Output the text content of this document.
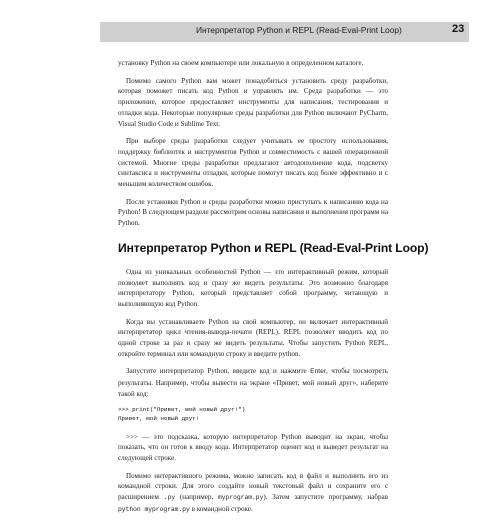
Интерпретатор Python и REPL (Read-Eval-Print Loop)	23

установку Python на своем компьютере или локальную в определенном каталоге.

Помимо самого Python вам может понадобиться установить среду разработки, которая поможет писать код Python и управлять им. Среда разработки — это приложение, которое предоставляет инструменты для написания, тестирования и отладки кода. Некоторые популярные среды разработки для Python включают PyCharm, Visual Studio Code и Sublime Text.

При выборе среды разработки следует учитывать ее простоту использования, поддержку библиотек и инструментов Python и совместимость с вашей операционной системой. Многие среды разработки предлагают автодополнение кода, подсветку синтаксиса и инструменты отладки, которые помогут писать код более эффективно и с меньшим количеством ошибок.

После установки Python и среды разработки можно приступать к написанию кода на Python! В следующем разделе рассмотрим основы написания и выполнения программ на Python.

Интерпретатор Python и REPL (Read-Eval-Print Loop)

Одна из уникальных особенностей Python — это интерактивный режим, который позволяет выполнять код и сразу же видеть результаты. Это возможно благодаря интерпретатору Python, который представляет собой программу, читающую и выполняющую код Python.

Когда вы устанавливаете Python на свой компьютер, он включает интерактивный интерпретатор цикл чтения-вывода-печати (REPL). REPL позволяет вводить код по одной строке за раз и сразу же видеть результаты. Чтобы запустить Python REPL, откройте терминал или командную строку и введите python.

Запустите интерпретатор Python, введите код и нажмите Enter, чтобы посмотреть результаты. Например, чтобы вывести на экране «Привет, мой новый друг», наберите такой код:

>>> print("Привет, мой новый друг!")
Привет, мой новый друг!

>>> — это подсказка, которую интерпретатор Python выводит на экран, чтобы показать, что он готов к вводу кода. Интерпретатор оценит код и выведет результат на следующей строке.

Помимо интерактивного режима, можно записать код в файл и выполнить его из командной строки. Для этого создайте новый текстовый файл и сохраните его с расширением .py (например, myprogram.py). Затем запустите программу, набрав python myprogram.py в командной строке.
